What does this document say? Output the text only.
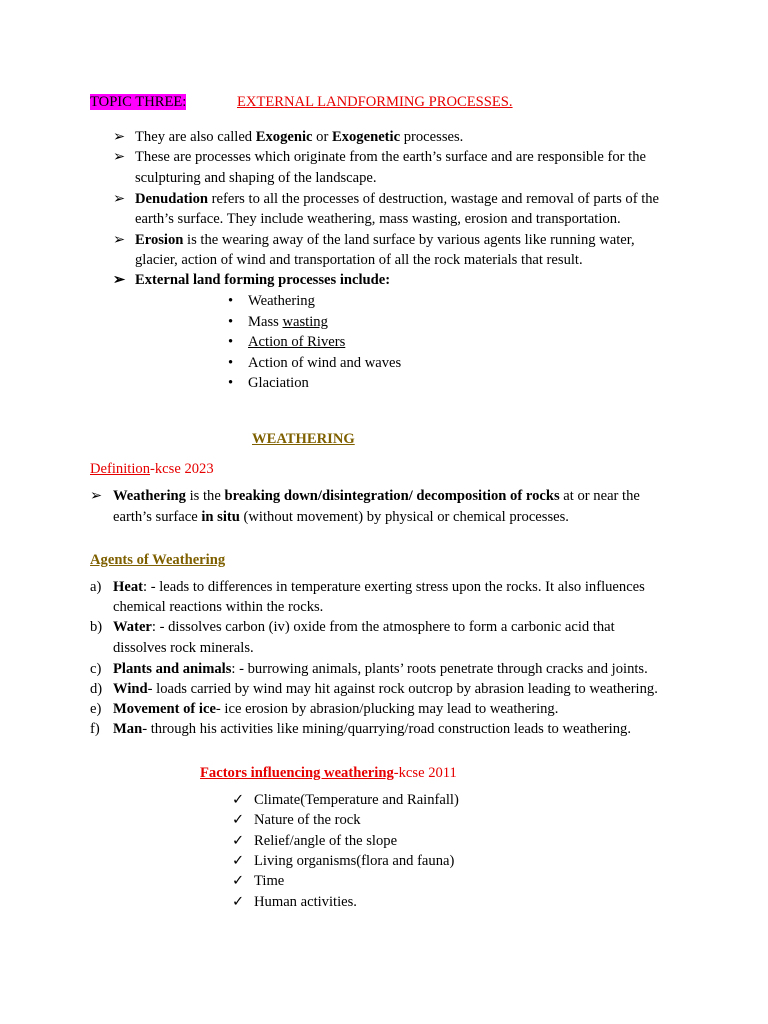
TOPIC THREE:	EXTERNAL LANDFORMING PROCESSES.
➢ They are also called Exogenic or Exogenetic processes.
➢ These are processes which originate from the earth’s surface and are responsible for the
sculpturing and shaping of the landscape.
➢ Denudation refers to all the processes of destruction, wastage and removal of parts of the
earth’s surface. They include weathering, mass wasting, erosion and transportation.
➢ Erosion is the wearing away of the land surface by various agents like running water,
glacier, action of wind and transportation of all the rock materials that result.
➢ External land forming processes include:
• Weathering
• Mass wasting
• Action of Rivers
• Action of wind and waves
• Glaciation
WEATHERING
Definition-kcse 2023
➢ Weathering is the breaking down/disintegration/ decomposition of rocks at or near the
earth’s surface in situ (without movement) by physical or chemical processes.
Agents of Weathering
a) Heat: - leads to differences in temperature exerting stress upon the rocks. It also influences
chemical reactions within the rocks.
b) Water: - dissolves carbon (iv) oxide from the atmosphere to form a carbonic acid that
dissolves rock minerals.
c) Plants and animals: - burrowing animals, plants’ roots penetrate through cracks and joints.
d) Wind- loads carried by wind may hit against rock outcrop by abrasion leading to weathering.
e) Movement of ice- ice erosion by abrasion/plucking may lead to weathering.
f) Man- through his activities like mining/quarrying/road construction leads to weathering.
Factors influencing weathering-kcse 2011
✓ Climate(Temperature and Rainfall)
✓ Nature of the rock
✓ Relief/angle of the slope
✓ Living organisms(flora and fauna)
✓ Time
✓ Human activities.
